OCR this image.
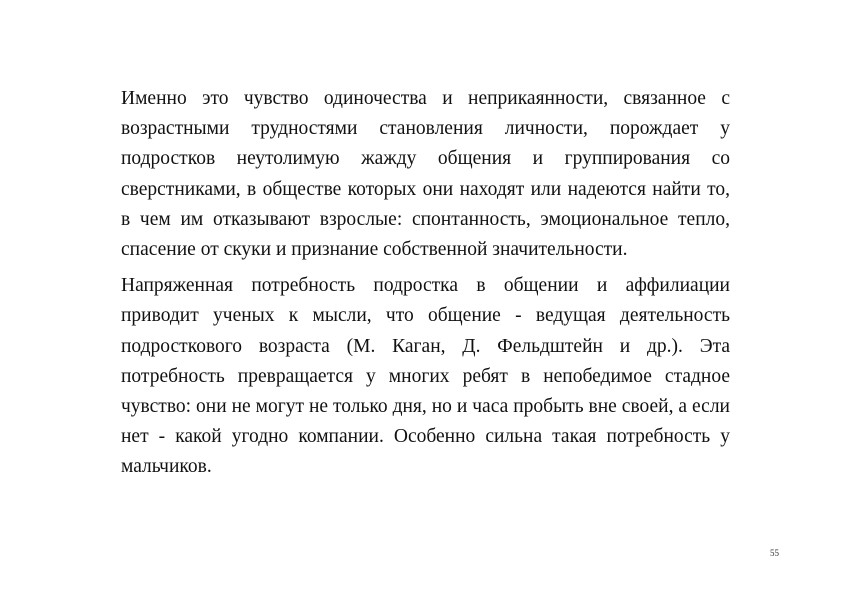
Именно это чувство одиночества и неприкаянности, связанное с возрастными трудностями становления личности, порождает у подростков неутолимую жажду общения и группирования со сверстниками, в обществе которых они находят или надеются найти то, в чем им отказывают взрослые: спонтанность, эмоциональное тепло, спасение от скуки и признание собственной значительности.

Напряженная потребность подростка в общении и аффилиации приводит ученых к мысли, что общение - ведущая деятельность подросткового возраста (М. Каган, Д. Фельдштейн и др.). Эта потребность превращается у многих ребят в непобедимое стадное чувство: они не могут не только дня, но и часа пробыть вне своей, а если нет - какой угодно компании. Особенно сильна такая потребность у мальчиков.

55
